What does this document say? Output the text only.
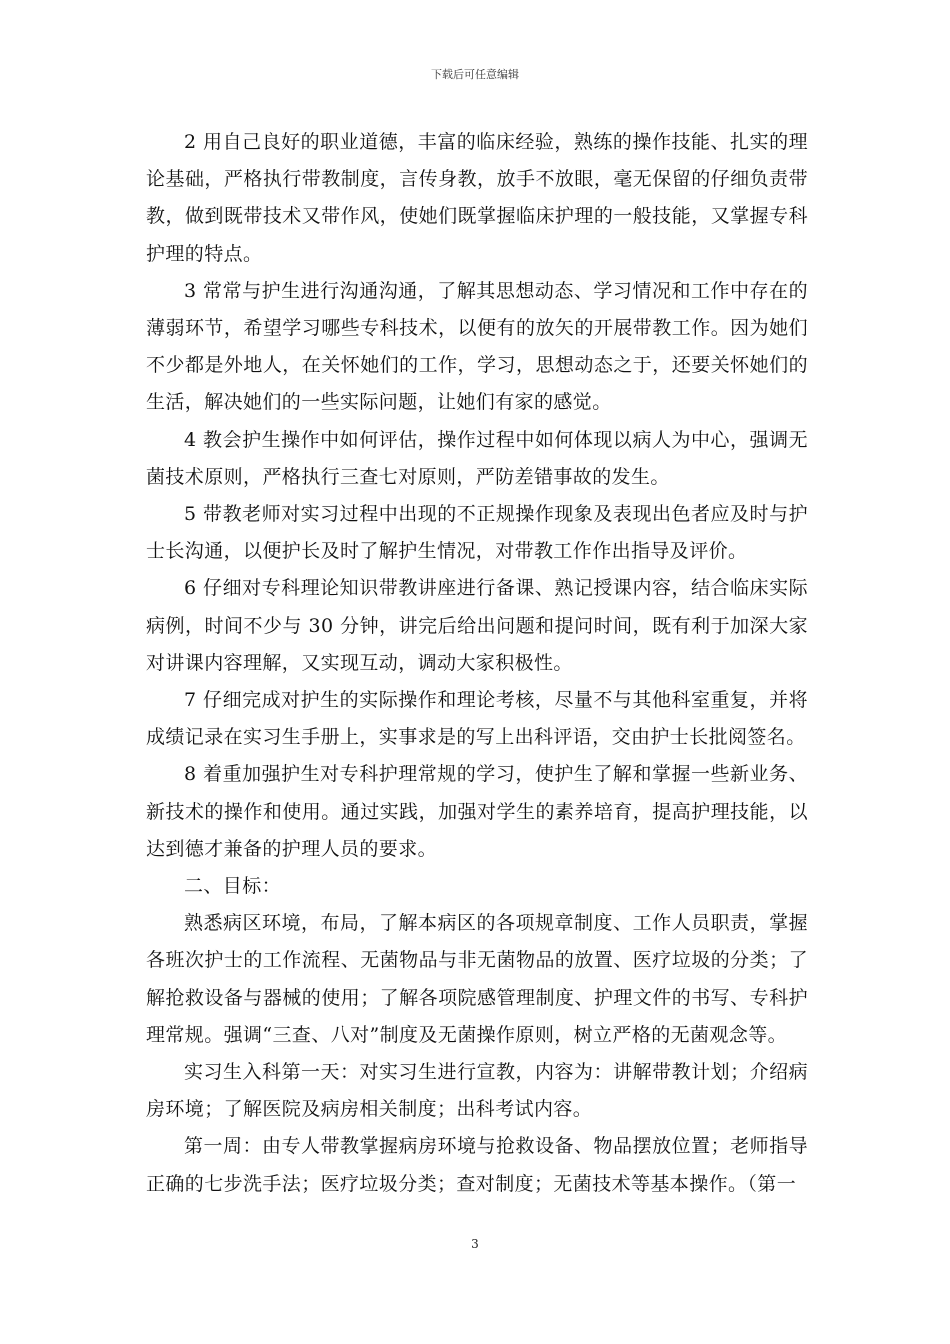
下载后可任意编辑

2 用自己良好的职业道德，丰富的临床经验，熟练的操作技能、扎实的理论基础，严格执行带教制度，言传身教，放手不放眼，毫无保留的仔细负责带教，做到既带技术又带作风，使她们既掌握临床护理的一般技能，又掌握专科护理的特点。

3 常常与护生进行沟通沟通，了解其思想动态、学习情况和工作中存在的薄弱环节，希望学习哪些专科技术，以便有的放矢的开展带教工作。因为她们不少都是外地人，在关怀她们的工作，学习，思想动态之于，还要关怀她们的生活，解决她们的一些实际问题，让她们有家的感觉。

4 教会护生操作中如何评估，操作过程中如何体现以病人为中心，强调无菌技术原则，严格执行三查七对原则，严防差错事故的发生。

5 带教老师对实习过程中出现的不正规操作现象及表现出色者应及时与护士长沟通，以便护长及时了解护生情况，对带教工作作出指导及评价。

6 仔细对专科理论知识带教讲座进行备课、熟记授课内容，结合临床实际病例，时间不少与 30 分钟，讲完后给出问题和提问时间，既有利于加深大家对讲课内容理解，又实现互动，调动大家积极性。

7 仔细完成对护生的实际操作和理论考核，尽量不与其他科室重复，并将成绩记录在实习生手册上，实事求是的写上出科评语，交由护士长批阅签名。

8 着重加强护生对专科护理常规的学习，使护生了解和掌握一些新业务、新技术的操作和使用。通过实践，加强对学生的素养培育，提高护理技能，以达到德才兼备的护理人员的要求。

二、目标：

熟悉病区环境，布局，了解本病区的各项规章制度、工作人员职责，掌握各班次护士的工作流程、无菌物品与非无菌物品的放置、医疗垃圾的分类；了解抢救设备与器械的使用；了解各项院感管理制度、护理文件的书写、专科护理常规。强调“三查、八对”制度及无菌操作原则，树立严格的无菌观念等。

实习生入科第一天：对实习生进行宣教，内容为：讲解带教计划；介绍病房环境；了解医院及病房相关制度；出科考试内容。

第一周：由专人带教掌握病房环境与抢救设备、物品摆放位置；老师指导正确的七步洗手法；医疗垃圾分类；查对制度；无菌技术等基本操作。（第一

3
